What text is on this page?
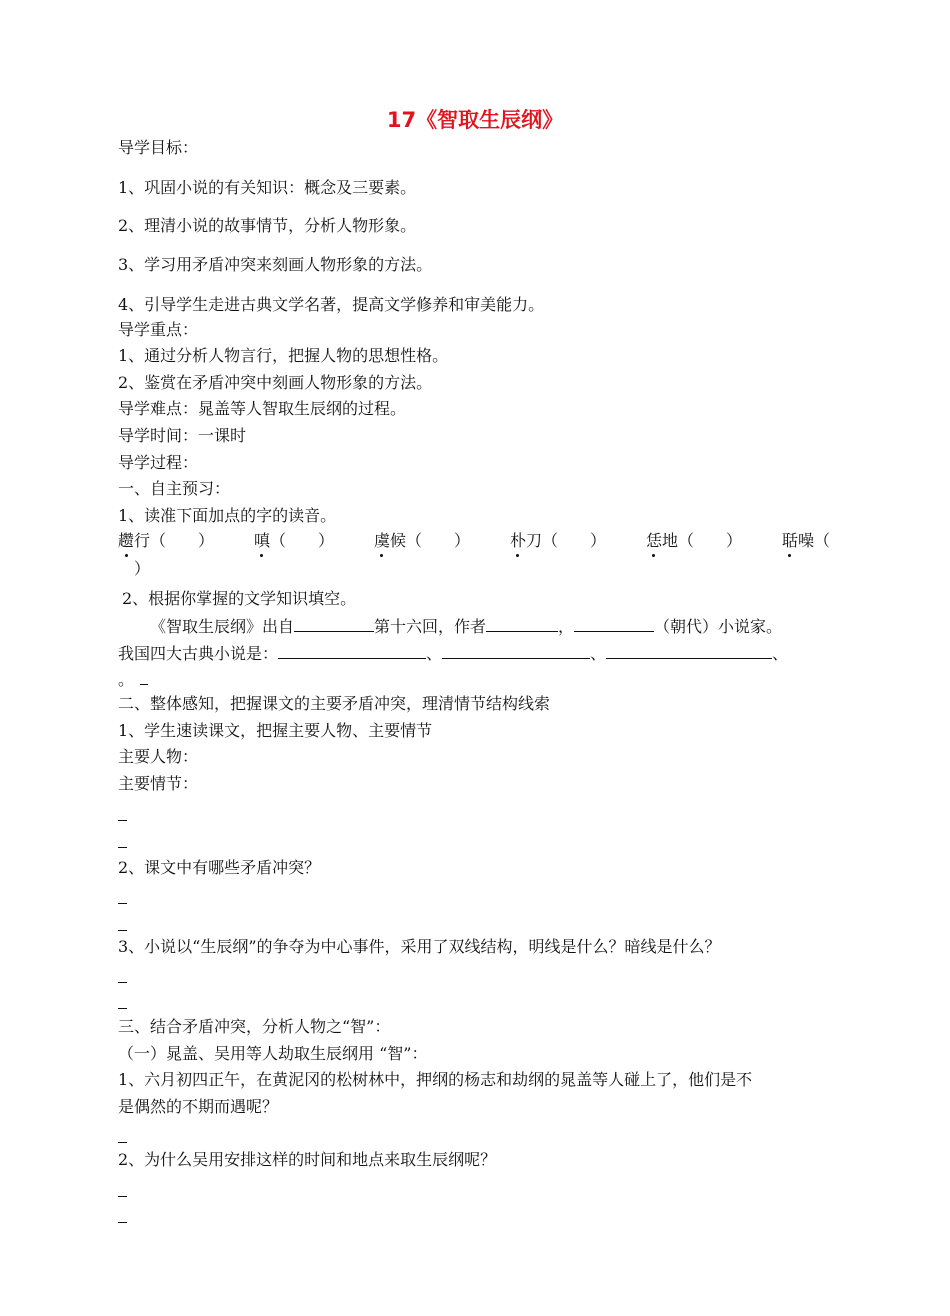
17《智取生辰纲》
导学目标：
1、巩固小说的有关知识：概念及三要素。
2、理清小说的故事情节，分析人物形象。
3、学习用矛盾冲突来刻画人物形象的方法。
4、引导学生走进古典文学名著，提高文学修养和审美能力。
导学重点：
1、通过分析人物言行，把握人物的思想性格。
2、鉴赏在矛盾冲突中刻画人物形象的方法。
导学难点：晁盖等人智取生辰纲的过程。
导学时间：一课时
导学过程：
一、自主预习：
1、读准下面加点的字的读音。
趱行（　　） 嗔（　　） 虞候（　　） 朴刀（　　） 恁地（　　） 聒噪（
）
2、根据你掌握的文学知识填空。
《智取生辰纲》出自	第十六回，作者	，	（朝代）小说家。
我国四大古典小说是：	、	、	、
。
二、整体感知，把握课文的主要矛盾冲突，理清情节结构线索
1、学生速读课文，把握主要人物、主要情节
主要人物：
主要情节：
2、课文中有哪些矛盾冲突？
3、小说以“生辰纲”的争夺为中心事件，采用了双线结构，明线是什么？暗线是什么？
三、结合矛盾冲突，分析人物之“智”：
（一）晁盖、吴用等人劫取生辰纲用 “智”：
1、六月初四正午，在黄泥冈的松树林中，押纲的杨志和劫纲的晁盖等人碰上了，他们是不
是偶然的不期而遇呢？
2、为什么吴用安排这样的时间和地点来取生辰纲呢？
